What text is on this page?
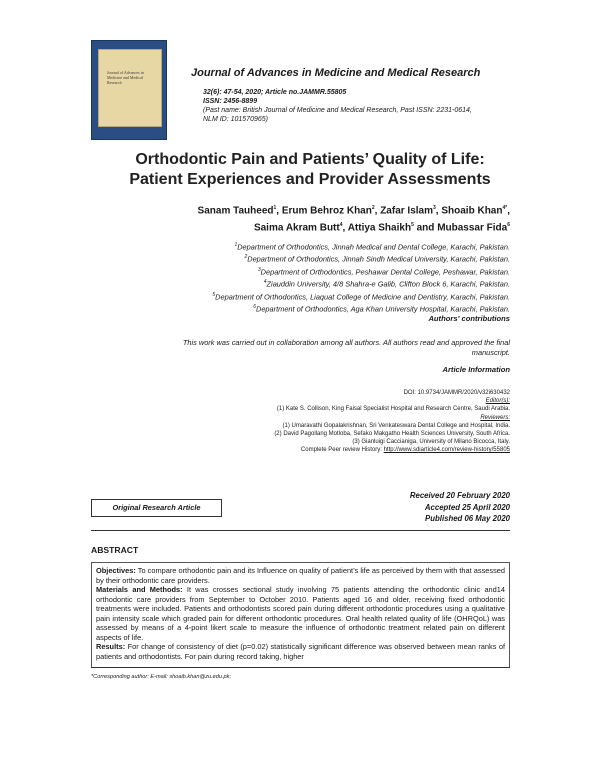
Journal of Advances in Medicine and Medical Research
Journal of Advances in Medicine and Medical Research
32(6): 47-54, 2020; Article no.JAMMR.55805
ISSN: 2456-8899
(Past name: British Journal of Medicine and Medical Research, Past ISSN: 2231-0614,
NLM ID: 101570965)
Orthodontic Pain and Patients’ Quality of Life:
Patient Experiences and Provider Assessments
Sanam Tauheed$^1$, Erum Behroz Khan$^2$, Zafar Islam$^3$, Shoaib Khan$^{4*}$,
Saima Akram Butt$^4$, Attiya Shaikh$^5$ and Mubassar Fida$^6$
$^1$Department of Orthodontics, Jinnah Medical and Dental College, Karachi, Pakistan.
$^2$Department of Orthodontics, Jinnah Sindh Medical University, Karachi, Pakistan.
$^3$Department of Orthodontics, Peshawar Dental College, Peshawar, Pakistan.
$^4$Ziauddin University, 4/8 Shahra-e Galib, Clifton Block 6, Karachi, Pakistan.
$^5$Department of Orthodontics, Liaquat College of Medicine and Dentistry, Karachi, Pakistan.
$^6$Department of Orthodontics, Aga Khan University Hospital, Karachi, Pakistan.
Authors’ contributions
This work was carried out in collaboration among all authors. All authors read and approved the final
manuscript.
Article Information
DOI: 10.9734/JAMMR/2020/v32i630432
Editor(s):
(1) Kate S. Collison, King Faisal Specialist Hospital and Research Centre, Saudi Arabia.
Reviewers:
(1) Umaravathi Gopalakrishnan, Sri Venkateswara Dental College and Hospital, India.
(2) David Pagollang Motloba, Sefako Makgatho Health Sciences University, South Africa.
(3) Gianluigi Caccianiga, University of Milano Bicocca, Italy.
Complete Peer review History: http://www.sdiarticle4.com/review-history/55805
Original Research Article
Received 20 February 2020
Accepted 25 April 2020
Published 06 May 2020
ABSTRACT

Objectives: To compare orthodontic pain and its Influence on quality of patient’s life as perceived by them with that assessed by their orthodontic care providers.

Materials and Methods: It was crosses sectional study involving 75 patients attending the orthodontic clinic and14 orthodontic care providers from September to October 2010. Patients aged 16 and older, receiving fixed orthodontic treatments were included. Patients and orthodontists scored pain during different orthodontic procedures using a qualitative pain intensity scale which graded pain for different orthodontic procedures. Oral health related quality of life (OHRQoL) was assessed by means of a 4-point likert scale to measure the influence of orthodontic treatment related pain on different aspects of life.

Results: For change of consistency of diet (p=0.02) statistically significant difference was observed between mean ranks of patients and orthodontists. For pain during record taking, higher

*Corresponding author: E-mail: shoaib.khan@zu.edu.pk;
